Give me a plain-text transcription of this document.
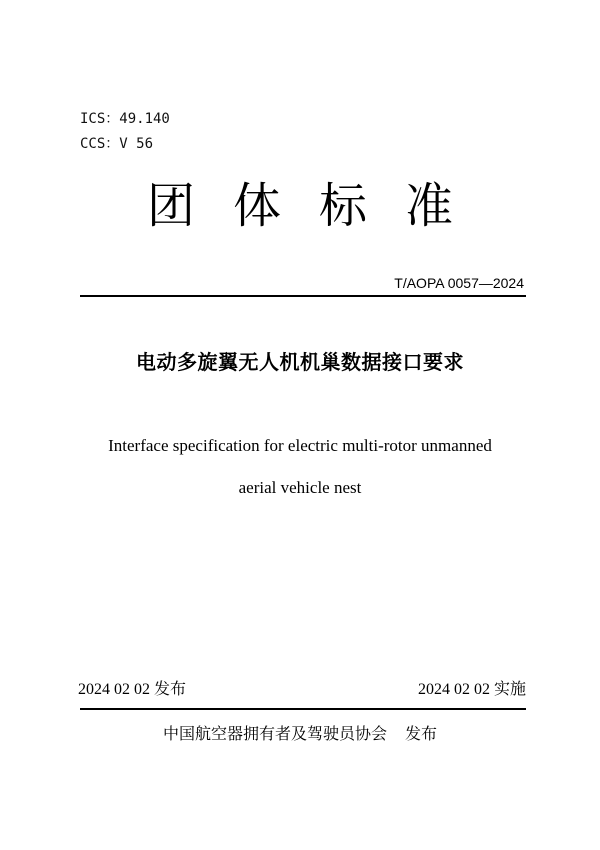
ICS：49.140
CCS：V 56
团 体 标 准
T/AOPA 0057—2024
电动多旋翼无人机机巢数据接口要求
Interface specification for electric multi-rotor unmanned
aerial vehicle nest
2024 02 02 发布	2024 02 02 实施
中国航空器拥有者及驾驶员协会 发布
